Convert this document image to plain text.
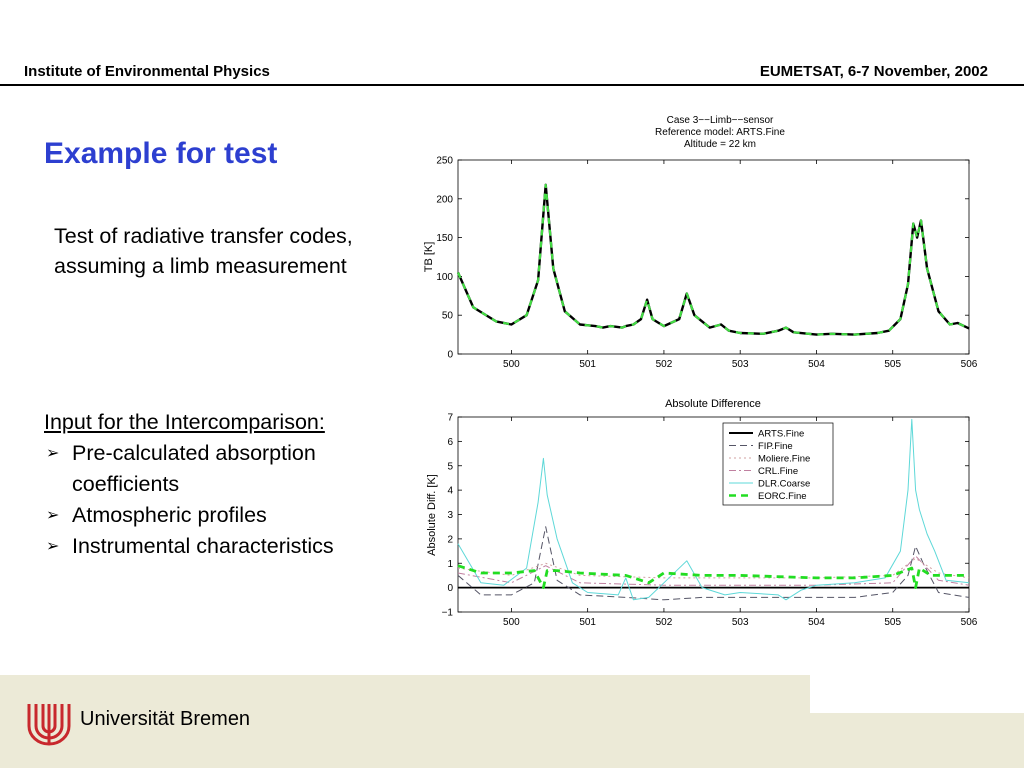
Institute of Environmental Physics	EUMETSAT, 6-7 November, 2002
Example for test
Test of radiative transfer codes, assuming a limb measurement
Input for the Intercomparison:
➢ Pre-calculated absorption coefficients
➢ Atmospheric profiles
➢ Instrumental characteristics
Case 3−−Limb−−sensor
Reference model: ARTS.Fine
Altitude = 22 km
500	501	502	503	504	505	506
0
50
100
150
200
250
TB [K]
Absolute Difference
500	501	502	503	504	505	506
−1
0
1
2
3
4
5
6
7
Absolute Diff. [K]
ARTS.Fine
FIP.Fine
Moliere.Fine
CRL.Fine
DLR.Coarse
EORC.Fine
Universität Bremen
